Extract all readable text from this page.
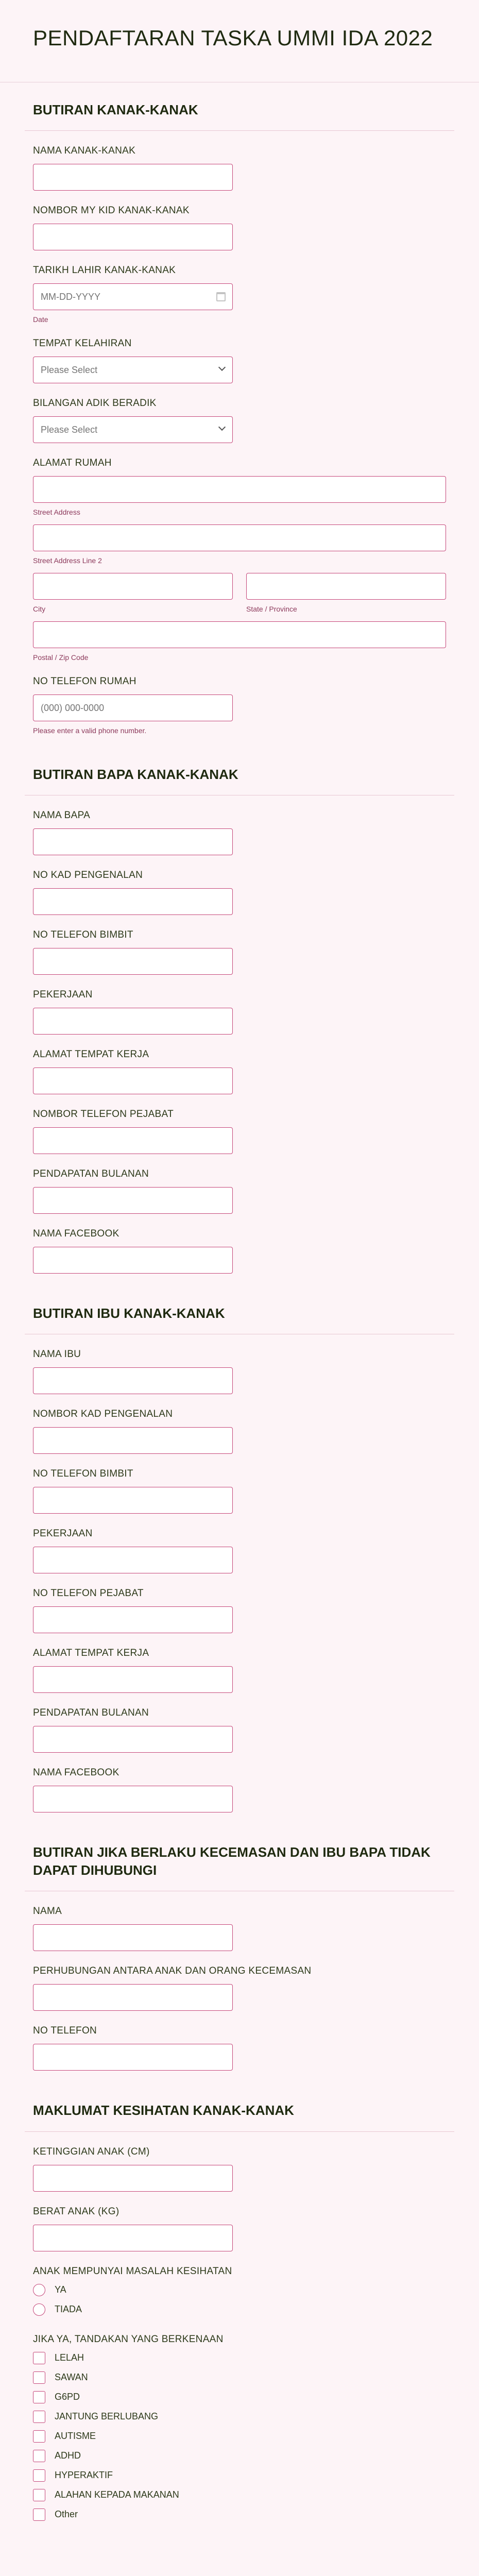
PENDAFTARAN TASKA UMMI IDA 2022
BUTIRAN KANAK-KANAK
NAMA KANAK-KANAK
NOMBOR MY KID KANAK-KANAK
TARIKH LAHIR KANAK-KANAK
MM-DD-YYYY
Date
TEMPAT KELAHIRAN
Please Select
BILANGAN ADIK BERADIK
Please Select
ALAMAT RUMAH
Street Address
Street Address Line 2
City	State / Province
Postal / Zip Code
NO TELEFON RUMAH
(000) 000-0000
Please enter a valid phone number.
BUTIRAN BAPA KANAK-KANAK
NAMA BAPA
NO KAD PENGENALAN
NO TELEFON BIMBIT
PEKERJAAN
ALAMAT TEMPAT KERJA
NOMBOR TELEFON PEJABAT
PENDAPATAN BULANAN
NAMA FACEBOOK
BUTIRAN IBU KANAK-KANAK
NAMA IBU
NOMBOR KAD PENGENALAN
NO TELEFON BIMBIT
PEKERJAAN
NO TELEFON PEJABAT
ALAMAT TEMPAT KERJA
PENDAPATAN BULANAN
NAMA FACEBOOK
BUTIRAN JIKA BERLAKU KECEMASAN DAN IBU BAPA TIDAK DAPAT DIHUBUNGI
NAMA
PERHUBUNGAN ANTARA ANAK DAN ORANG KECEMASAN
NO TELEFON
MAKLUMAT KESIHATAN KANAK-KANAK
KETINGGIAN ANAK (CM)
BERAT ANAK (KG)
ANAK MEMPUNYAI MASALAH KESIHATAN
YA
TIADA
JIKA YA, TANDAKAN YANG BERKENAAN
LELAH
SAWAN
G6PD
JANTUNG BERLUBANG
AUTISME
ADHD
HYPERAKTIF
ALAHAN KEPADA MAKANAN
Other
